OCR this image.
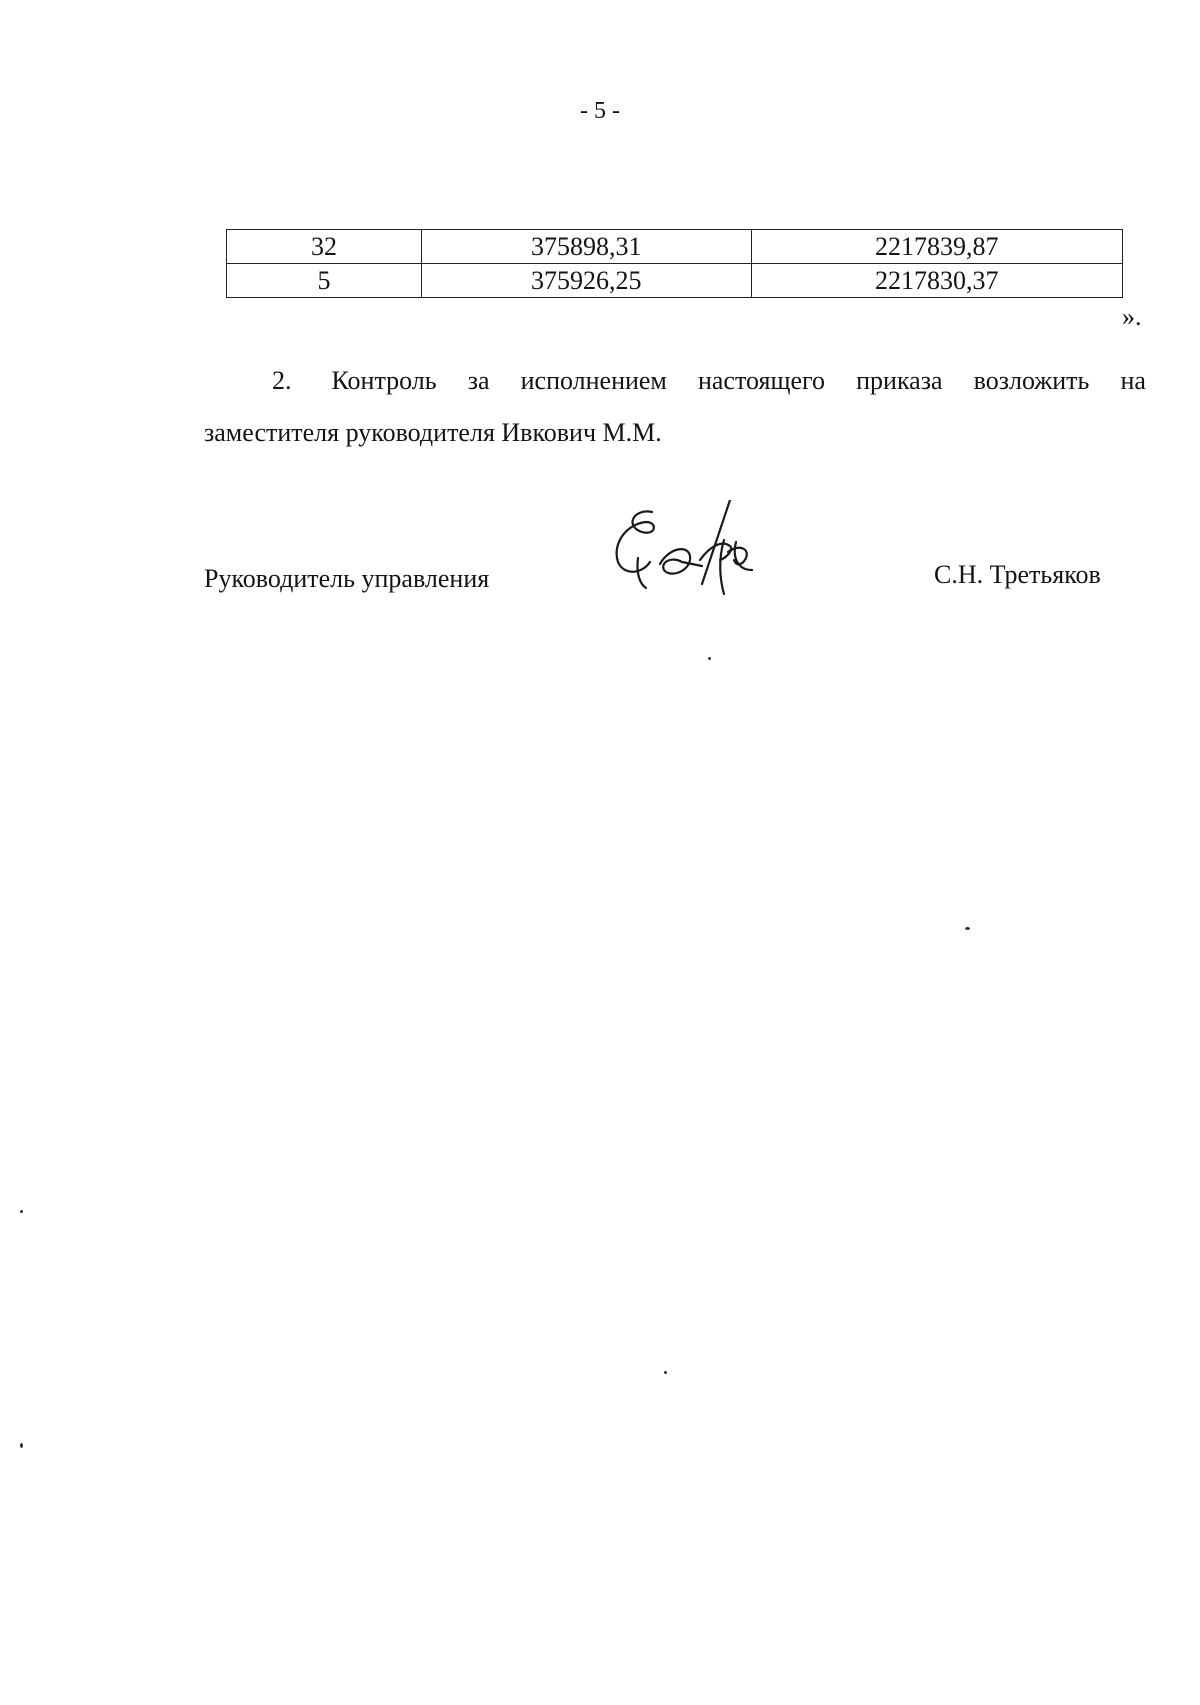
- 5 -
32	375898,31	2217839,87
5	375926,25	2217830,37
».
2. Контроль за исполнением настоящего приказа возложить на
заместителя руководителя Ивкович М.М.
Руководитель управления	С.Н. Третьяков
